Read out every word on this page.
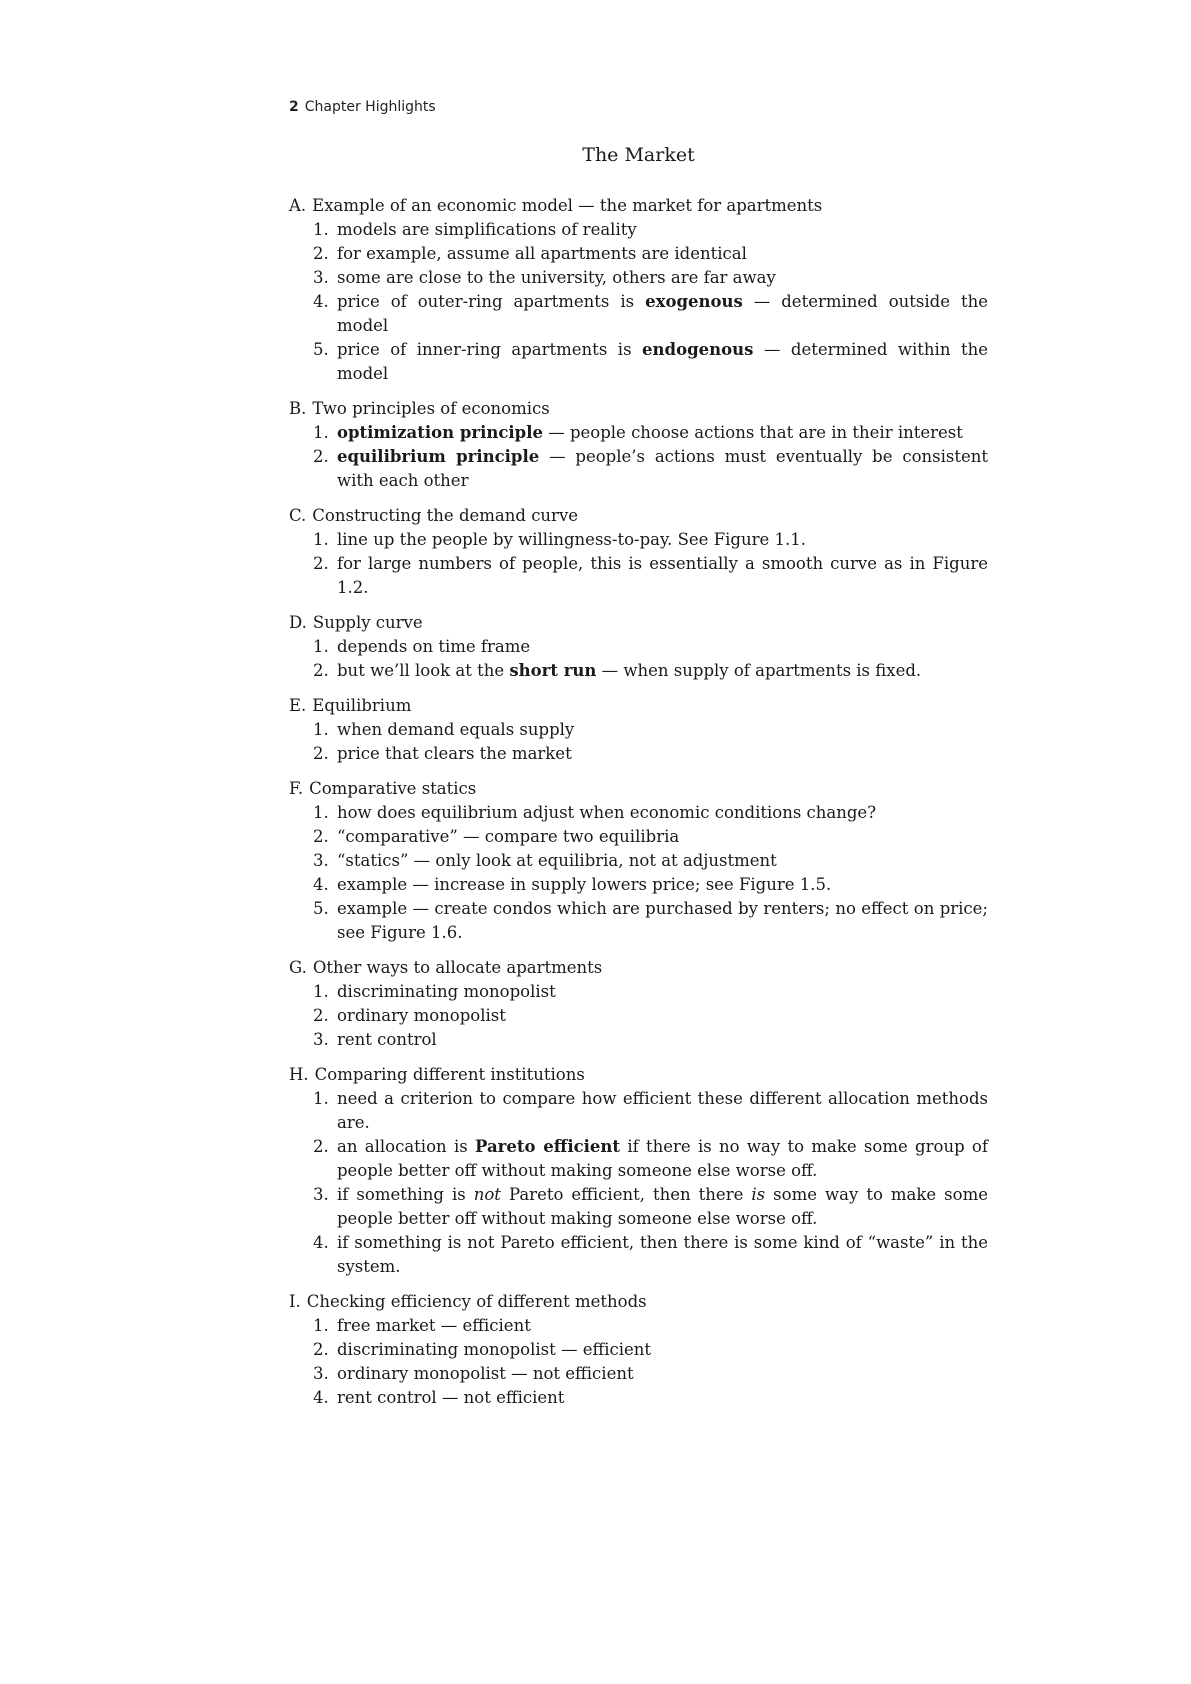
2 Chapter Highlights
The Market
A. Example of an economic model — the market for apartments
1. models are simplifications of reality
2. for example, assume all apartments are identical
3. some are close to the university, others are far away
4. price of outer-ring apartments is exogenous — determined outside the model
5. price of inner-ring apartments is endogenous — determined within the model
B. Two principles of economics
1. optimization principle — people choose actions that are in their interest
2. equilibrium principle — people’s actions must eventually be consistent with each other
C. Constructing the demand curve
1. line up the people by willingness-to-pay. See Figure 1.1.
2. for large numbers of people, this is essentially a smooth curve as in Figure 1.2.
D. Supply curve
1. depends on time frame
2. but we’ll look at the short run — when supply of apartments is fixed.
E. Equilibrium
1. when demand equals supply
2. price that clears the market
F. Comparative statics
1. how does equilibrium adjust when economic conditions change?
2. “comparative” — compare two equilibria
3. “statics” — only look at equilibria, not at adjustment
4. example — increase in supply lowers price; see Figure 1.5.
5. example — create condos which are purchased by renters; no effect on price; see Figure 1.6.
G. Other ways to allocate apartments
1. discriminating monopolist
2. ordinary monopolist
3. rent control
H. Comparing different institutions
1. need a criterion to compare how efficient these different allocation methods are.
2. an allocation is Pareto efficient if there is no way to make some group of people better off without making someone else worse off.
3. if something is not Pareto efficient, then there is some way to make some people better off without making someone else worse off.
4. if something is not Pareto efficient, then there is some kind of “waste” in the system.
I. Checking efficiency of different methods
1. free market — efficient
2. discriminating monopolist — efficient
3. ordinary monopolist — not efficient
4. rent control — not efficient
